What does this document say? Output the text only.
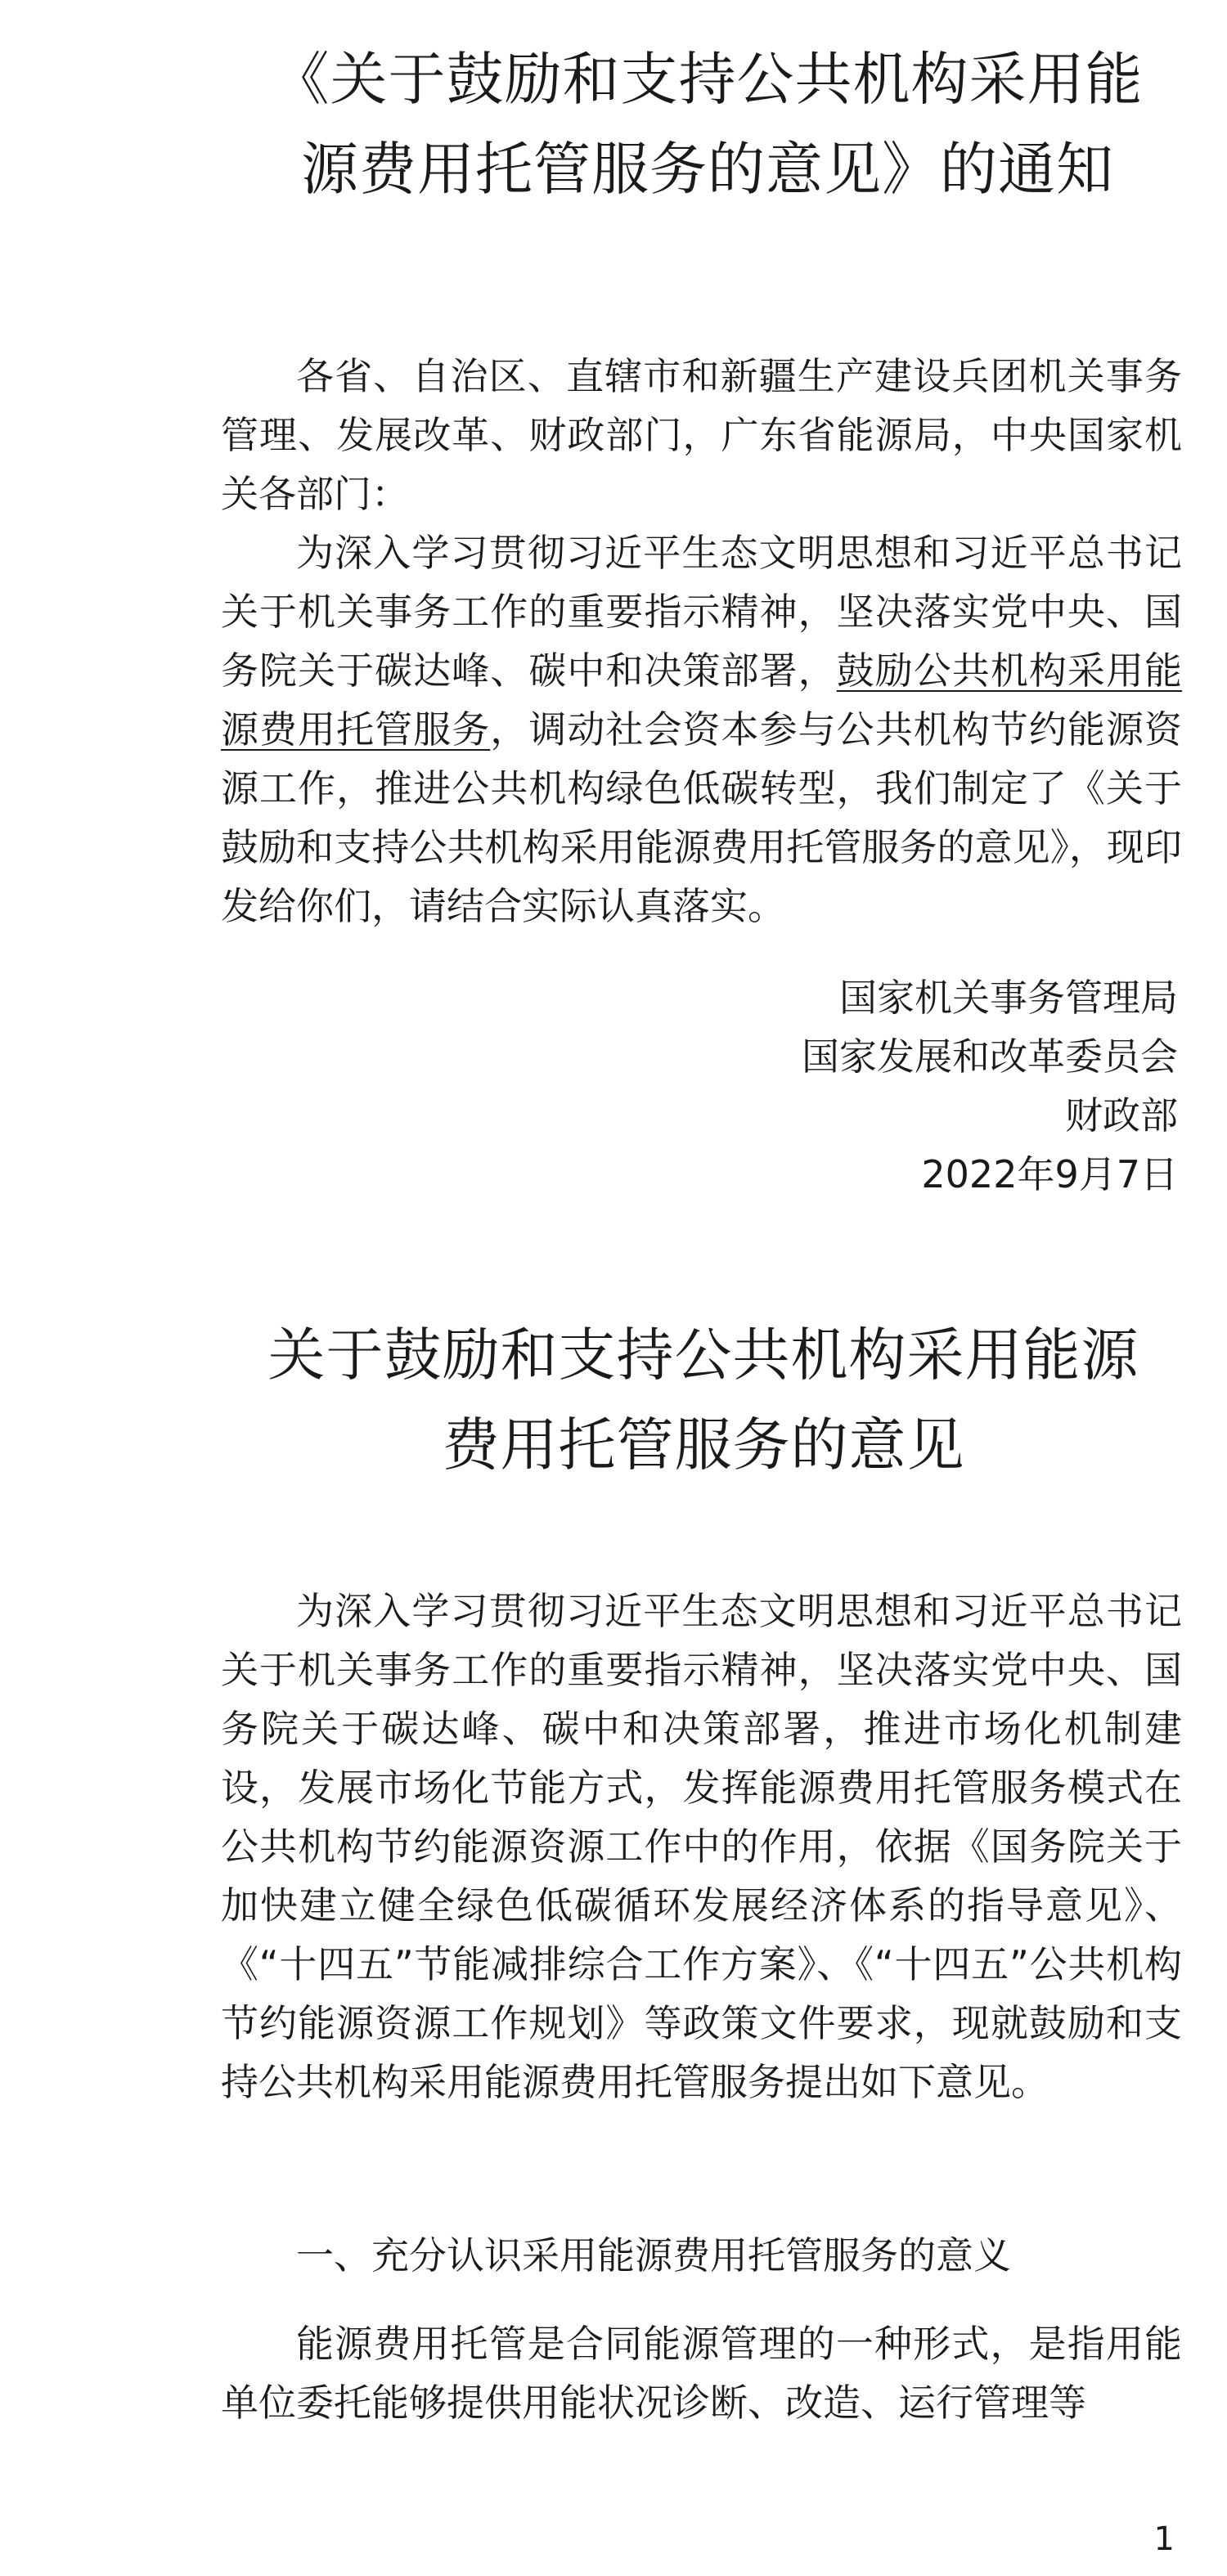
《关于鼓励和支持公共机构采用能
源费用托管服务的意见》的通知

各省、自治区、直辖市和新疆生产建设兵团机关事务管理、发展改革、财政部门，广东省能源局，中央国家机关各部门：

为深入学习贯彻习近平生态文明思想和习近平总书记关于机关事务工作的重要指示精神，坚决落实党中央、国务院关于碳达峰、碳中和决策部署，鼓励公共机构采用能源费用托管服务，调动社会资本参与公共机构节约能源资源工作，推进公共机构绿色低碳转型，我们制定了《关于鼓励和支持公共机构采用能源费用托管服务的意见》，现印发给你们，请结合实际认真落实。

国家机关事务管理局
国家发展和改革委员会
财政部
2022年9月7日
关于鼓励和支持公共机构采用能源
费用托管服务的意见

为深入学习贯彻习近平生态文明思想和习近平总书记关于机关事务工作的重要指示精神，坚决落实党中央、国务院关于碳达峰、碳中和决策部署，推进市场化机制建设，发展市场化节能方式，发挥能源费用托管服务模式在公共机构节约能源资源工作中的作用，依据《国务院关于加快建立健全绿色低碳循环发展经济体系的指导意见》、《“十四五”节能减排综合工作方案》、《“十四五”公共机构节约能源资源工作规划》等政策文件要求，现就鼓励和支持公共机构采用能源费用托管服务提出如下意见。

一、充分认识采用能源费用托管服务的意义

能源费用托管是合同能源管理的一种形式，是指用能单位委托能够提供用能状况诊断、改造、运行管理等

1
